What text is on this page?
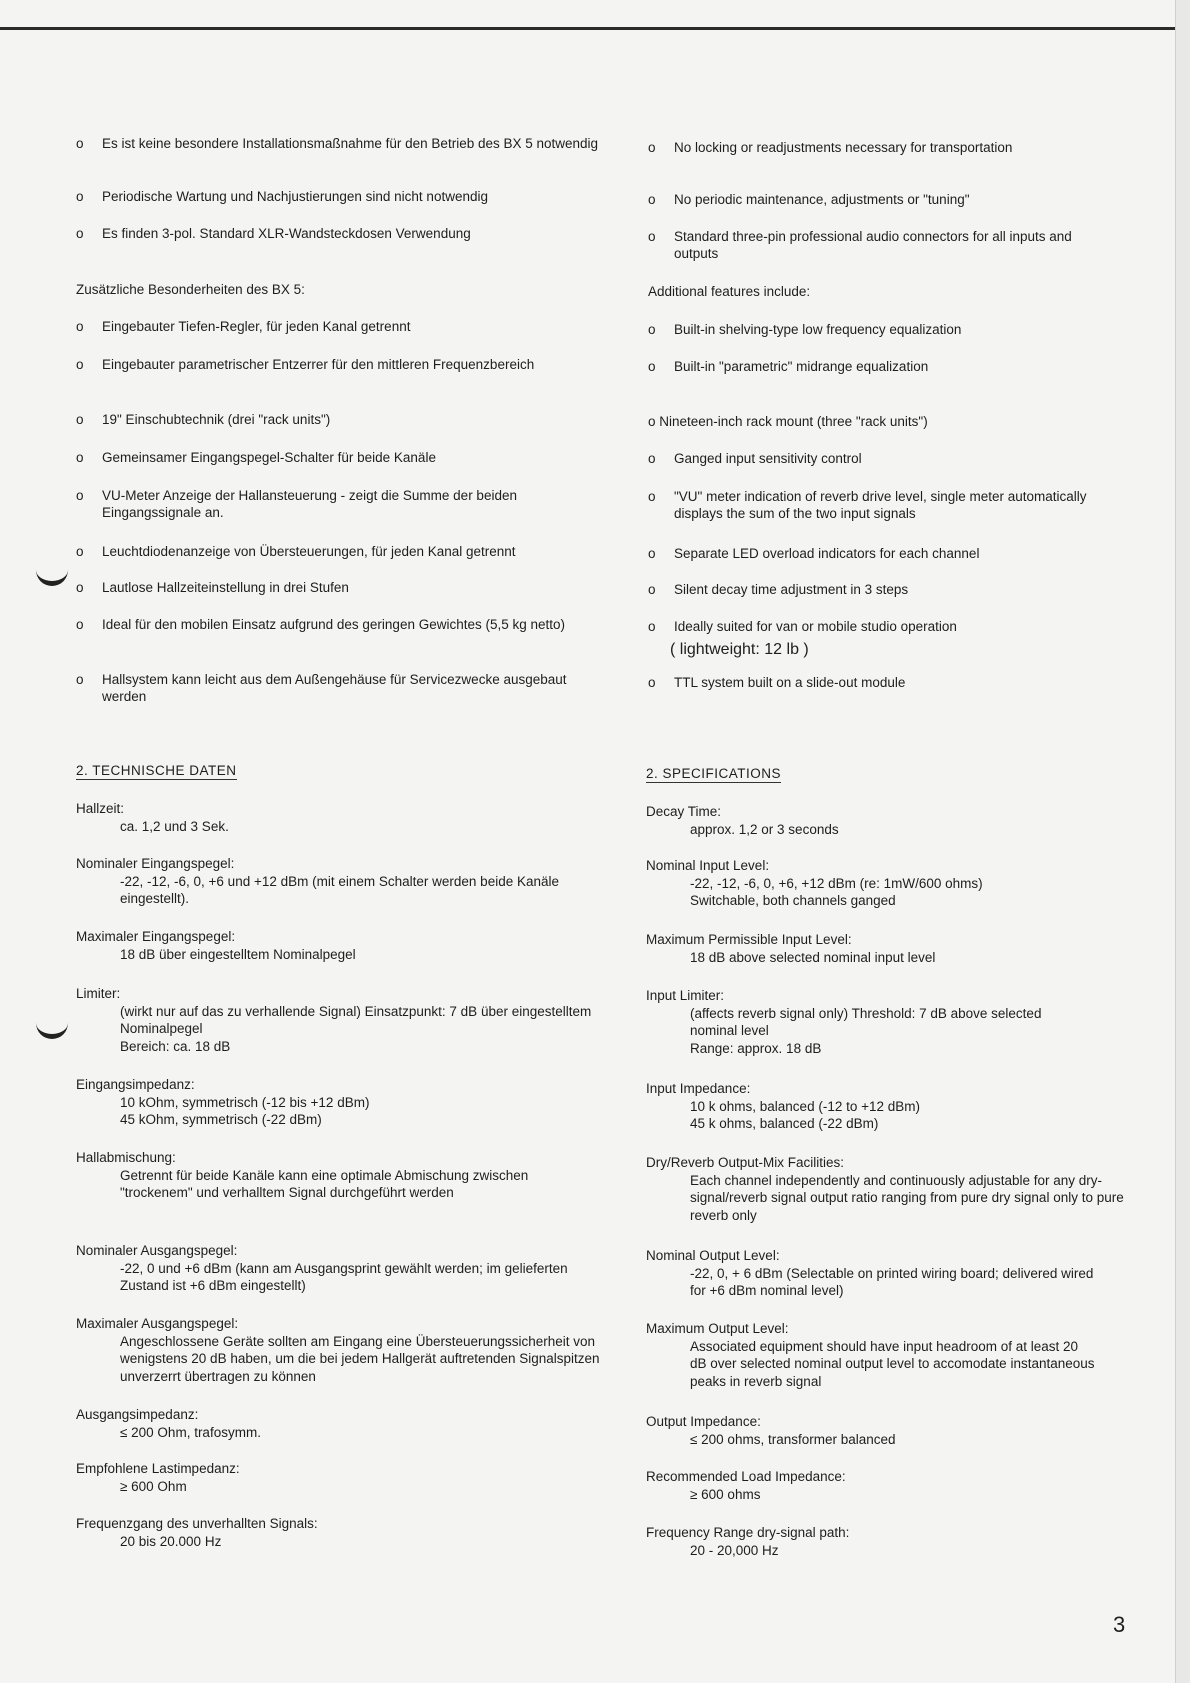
o Es ist keine besondere Installationsmaßnahme für den Betrieb des BX 5 notwendig
o Periodische Wartung und Nachjustierungen sind nicht notwendig
o Es finden 3-pol. Standard XLR-Wandsteckdosen Verwendung
Zusätzliche Besonderheiten des BX 5:
o Eingebauter Tiefen-Regler, für jeden Kanal getrennt
o Eingebauter parametrischer Entzerrer für den mittleren Frequenzbereich
o 19" Einschubtechnik (drei "rack units")
o Gemeinsamer Eingangspegel-Schalter für beide Kanäle
o VU-Meter Anzeige der Hallansteuerung - zeigt die Summe der beiden Eingangssignale an.
o Leuchtdiodenanzeige von Übersteuerungen, für jeden Kanal getrennt
o Lautlose Hallzeiteinstellung in drei Stufen
o Ideal für den mobilen Einsatz aufgrund des geringen Gewichtes (5,5 kg netto)
o Hallsystem kann leicht aus dem Außengehäuse für Servicezwecke ausgebaut werden
o No locking or readjustments necessary for transportation
o No periodic maintenance, adjustments or "tuning"
o Standard three-pin professional audio connectors for all inputs and outputs
Additional features include:
o Built-in shelving-type low frequency equalization
o Built-in "parametric" midrange equalization
o Nineteen-inch rack mount (three "rack units")
o Ganged input sensitivity control
o "VU" meter indication of reverb drive level, single meter automatically displays the sum of the two input signals
o Separate LED overload indicators for each channel
o Silent decay time adjustment in 3 steps
o Ideally suited for van or mobile studio operation
( lightweight: 12 lb )
o TTL system built on a slide-out module
2. TECHNISCHE DATEN	2. SPECIFICATIONS
Hallzeit:
ca. 1,2 und 3 Sek.
Nominaler Eingangspegel:
-22, -12, -6, 0, +6 und +12 dBm (mit einem Schalter werden beide Kanäle eingestellt).
Maximaler Eingangspegel:
18 dB über eingestelltem Nominalpegel
Limiter:
(wirkt nur auf das zu verhallende Signal) Einsatzpunkt: 7 dB über eingestelltem Nominalpegel
Bereich: ca. 18 dB
Eingangsimpedanz:
10 kOhm, symmetrisch (-12 bis +12 dBm)
45 kOhm, symmetrisch (-22 dBm)
Hallabmischung:
Getrennt für beide Kanäle kann eine optimale Abmischung zwischen "trockenem" und verhalltem Signal durchgeführt werden
Nominaler Ausgangspegel:
-22, 0 und +6 dBm (kann am Ausgangsprint gewählt werden; im gelieferten Zustand ist +6 dBm eingestellt)
Maximaler Ausgangspegel:
Angeschlossene Geräte sollten am Eingang eine Übersteuerungssicherheit von wenigstens 20 dB haben, um die bei jedem Hallgerät auftretenden Signalspitzen unverzerrt übertragen zu können
Ausgangsimpedanz:
≤ 200 Ohm, trafosymm.
Empfohlene Lastimpedanz:
≥ 600 Ohm
Frequenzgang des unverhallten Signals:
20 bis 20.000 Hz
Decay Time:
approx. 1,2 or 3 seconds
Nominal Input Level:
-22, -12, -6, 0, +6, +12 dBm (re: 1mW/600 ohms)
Switchable, both channels ganged
Maximum Permissible Input Level:
18 dB above selected nominal input level
Input Limiter:
(affects reverb signal only) Threshold: 7 dB above selected nominal level
Range: approx. 18 dB
Input Impedance:
10 k ohms, balanced (-12 to +12 dBm)
45 k ohms, balanced (-22 dBm)
Dry/Reverb Output-Mix Facilities:
Each channel independently and continuously adjustable for any dry-signal/reverb signal output ratio ranging from pure dry signal only to pure reverb only
Nominal Output Level:
-22, 0, + 6 dBm (Selectable on printed wiring board; delivered wired for +6 dBm nominal level)
Maximum Output Level:
Associated equipment should have input headroom of at least 20 dB over selected nominal output level to accomodate instantaneous peaks in reverb signal
Output Impedance:
≤ 200 ohms, transformer balanced
Recommended Load Impedance:
≥ 600 ohms
Frequency Range dry-signal path:
20 - 20,000 Hz
3
